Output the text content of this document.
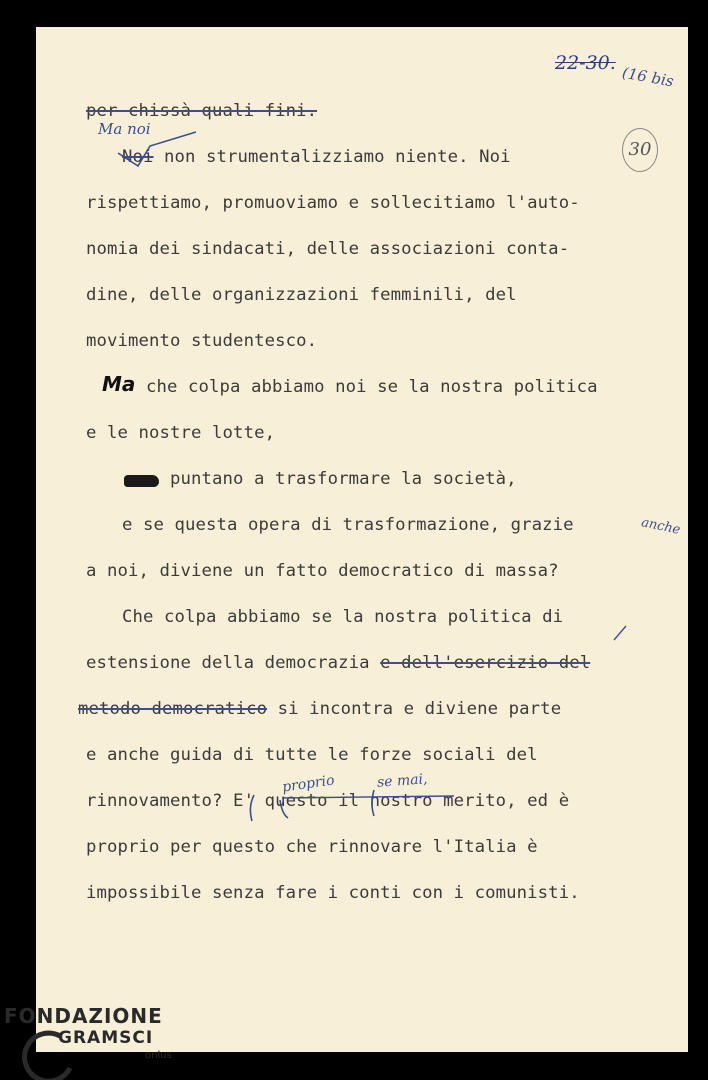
per chissà quali fini.
Noi non strumentalizziamo niente. Noi
rispettiamo, promuoviamo e sollecitiamo l'auto-
nomia dei sindacati, delle associazioni conta-
dine, delle organizzazioni femminili, del
movimento studentesco.
che colpa abbiamo noi se la nostra politica
e le nostre lotte,
puntano a trasformare la società,
e se questa opera di trasformazione, grazie
a noi, diviene un fatto democratico di massa?
Che colpa abbiamo se la nostra politica di
estensione della democrazia e dell'esercizio del
metodo democratico si incontra e diviene parte
e anche guida di tutte le forze sociali del
rinnovamento? E' questo il nostro merito, ed è
proprio per questo che rinnovare l'Italia è
impossibile senza fare i conti con i comunisti.
22-30.
(16 bis
30
Ma noi
Ma
anche
proprio	se mai,
FONDAZIONE
GRAMSCI
onlus
